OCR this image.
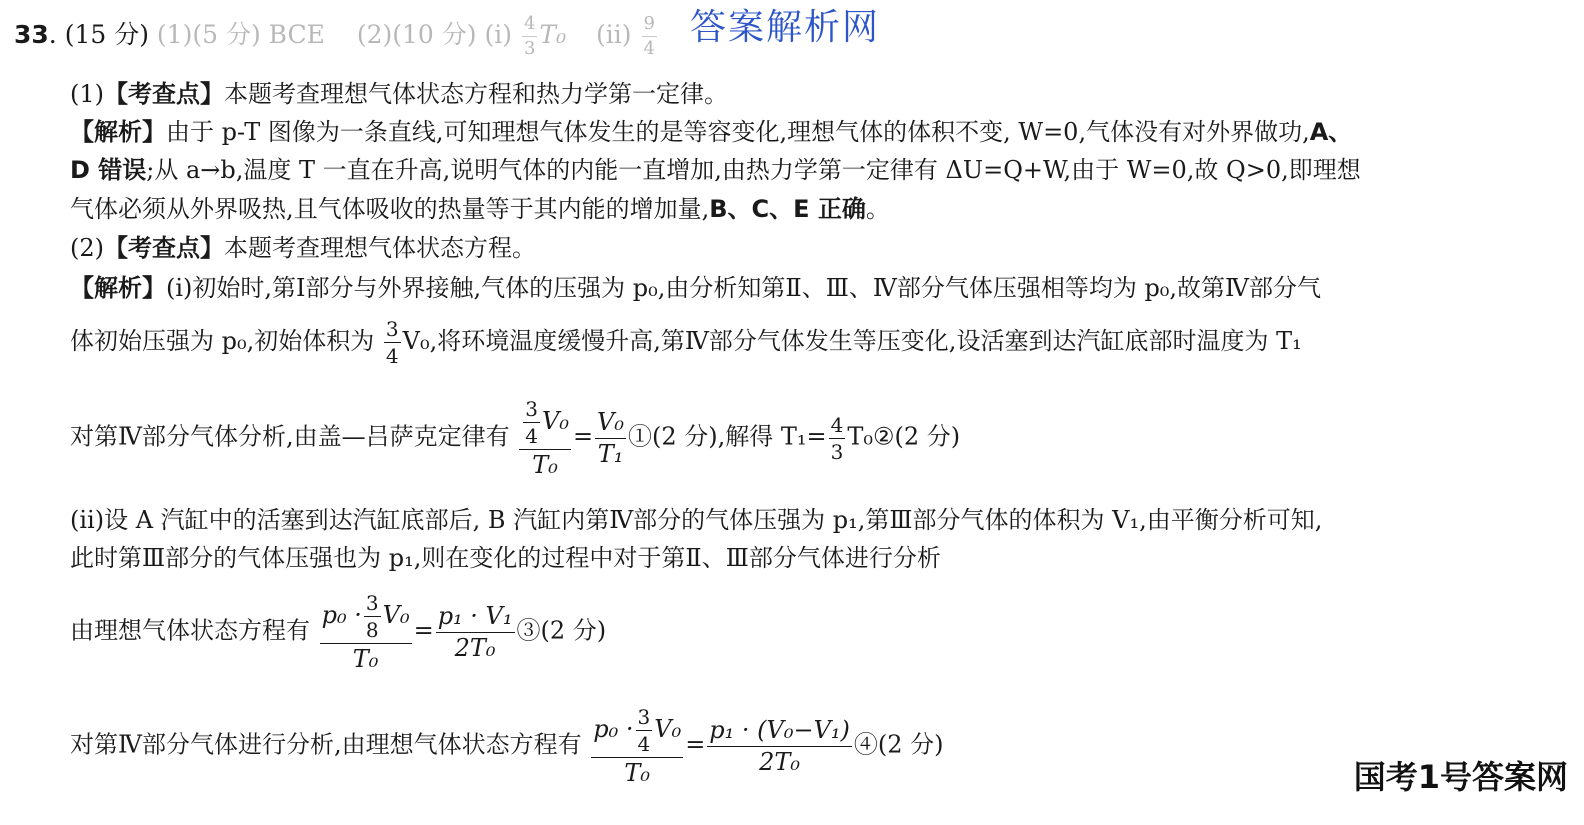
答案解析网
33. (15 分) (1)(5 分) BCE (2)(10 分) (ⅰ) $\frac{4}{3} T_0$ (ⅱ) $\frac{9}{4}$
(1)【考查点】本题考查理想气体状态方程和热力学第一定律。
【解析】由于 p-T 图像为一条直线,可知理想气体发生的是等容变化,理想气体的体积不变, W=0,气体没有对外界做功,A、
D 错误;从 a→b,温度 T 一直在升高,说明气体的内能一直增加,由热力学第一定律有 ΔU=Q+W,由于 W=0,故 Q>0,即理想
气体必须从外界吸热,且气体吸收的热量等于其内能的增加量,B、C、E 正确。
(2)【考查点】本题考查理想气体状态方程。
【解析】(ⅰ)初始时,第Ⅰ部分与外界接触,气体的压强为 p₀,由分析知第Ⅱ、Ⅲ、Ⅳ部分气体压强相等均为 p₀,故第Ⅳ部分气
体初始压强为 p₀,初始体积为 $\frac{3}{4} V_0$,将环境温度缓慢升高,第Ⅳ部分气体发生等压变化,设活塞到达汽缸底部时温度为 T₁
对第Ⅳ部分气体分析,由盖—吕萨克定律有 $\frac{\frac{3}{4} V_0}{\text{T₀}} = \frac{\text{V₀}}{\text{T₁}}$ ①(2 分),解得 $T_1= \frac{4}{3}$ T₀②(2 分)
(ⅱ)设 A 汽缸中的活塞到达汽缸底部后, B 汽缸内第Ⅳ部分的气体压强为 p₁,第Ⅲ部分气体的体积为 V₁,由平衡分析可知,
此时第Ⅲ部分的气体压强也为 p₁,则在变化的过程中对于第Ⅱ、Ⅲ部分气体进行分析
由理想气体状态方程有 $\frac{p_0 \cdot \frac{3}{8} V_0}{\text{T₀}} = \frac{\text{p₁ · V₁}}{\text{2T₀}}$ ③(2 分)
对第Ⅳ部分气体进行分析,由理想气体状态方程有 $\frac{p_0 \cdot \frac{3}{4} V_0}{\text{T₀}} = \frac{\text{p₁ · (V₀−V₁)}}{\text{2T₀}}$ ④(2 分)
国考1号答案网
